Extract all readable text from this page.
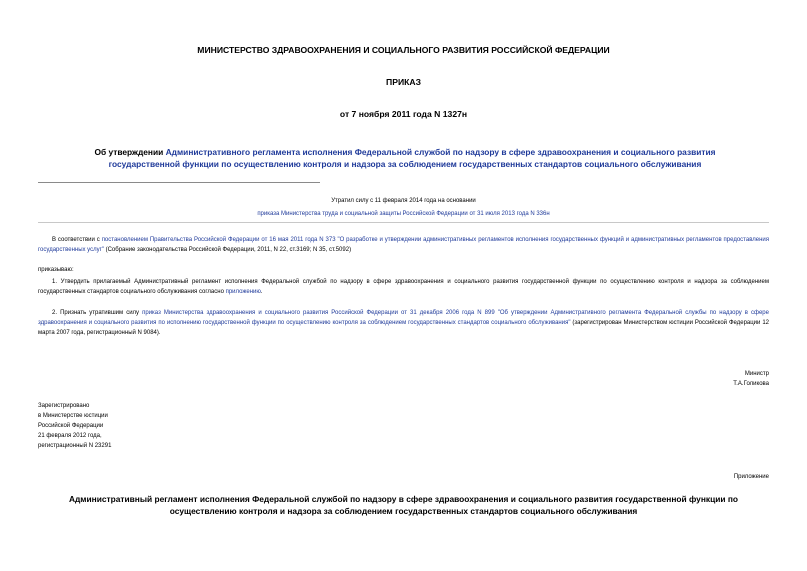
МИНИСТЕРСТВО ЗДРАВООХРАНЕНИЯ И СОЦИАЛЬНОГО РАЗВИТИЯ РОССИЙСКОЙ ФЕДЕРАЦИИ
ПРИКАЗ
от 7 ноября 2011 года N 1327н
Об утверждении Административного регламента исполнения Федеральной службой по надзору в сфере здравоохранения и социального развития государственной функции по осуществлению контроля и надзора за соблюдением государственных стандартов социального обслуживания
Утратил силу с 11 февраля 2014 года на основании
приказа Министерства труда и социальной защиты Российской Федерации от 31 июля 2013 года N 336н
В соответствии с постановлением Правительства Российской Федерации от 16 мая 2011 года N 373 "О разработке и утверждении административных регламентов исполнения государственных функций и административных регламентов предоставления государственных услуг" (Собрание законодательства Российской Федерации, 2011, N 22, ст.3169; N 35, ст.5092)
приказываю:
1. Утвердить прилагаемый Административный регламент исполнения Федеральной службой по надзору в сфере здравоохранения и социального развития государственной функции по осуществлению контроля и надзора за соблюдением государственных стандартов социального обслуживания согласно приложению.
2. Признать утратившим силу приказ Министерства здравоохранения и социального развития Российской Федерации от 31 декабря 2006 года N 899 "Об утверждении Административного регламента Федеральной службы по надзору в сфере здравоохранения и социального развития по исполнению государственной функции по осуществлению контроля за соблюдением государственных стандартов социального обслуживания" (зарегистрирован Министерством юстиции Российской Федерации 12 марта 2007 года, регистрационный N 9084).
Министр
Т.А.Голикова
Зарегистрировано
в Министерстве юстиции
Российской Федерации
21 февраля 2012 года,
регистрационный N 23291
Приложение
Административный регламент исполнения Федеральной службой по надзору в сфере здравоохранения и социального развития государственной функции по осуществлению контроля и надзора за соблюдением государственных стандартов социального обслуживания
